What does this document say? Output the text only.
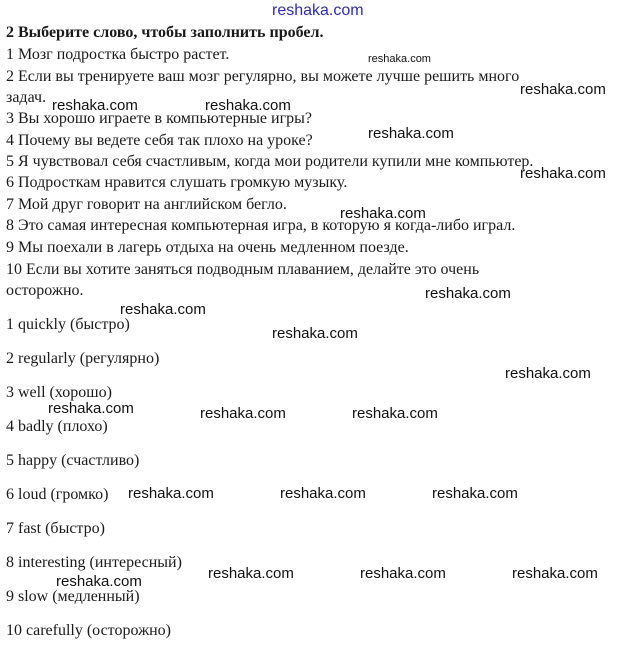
reshaka.com
2 Выберите слово, чтобы заполнить пробел.
1 Мозг подростка быстро растет.
2 Если вы тренируете ваш мозг регулярно, вы можете лучше решить много
задач.
3 Вы хорошо играете в компьютерные игры?
4 Почему вы ведете себя так плохо на уроке?
5 Я чувствовал себя счастливым, когда мои родители купили мне компьютер.
6 Подросткам нравится слушать громкую музыку.
7 Мой друг говорит на английском бегло.
8 Это самая интересная компьютерная игра, в которую я когда-либо играл.
9 Мы поехали в лагерь отдыха на очень медленном поезде.
10 Если вы хотите заняться подводным плаванием, делайте это очень
осторожно.
1 quickly (быстро)
2 regularly (регулярно)
3 well (хорошо)
4 badly (плохо)
5 happy (счастливо)
6 loud (громко)
7 fast (быстро)
8 interesting (интересный)
9 slow (медленный)
10 carefully (осторожно)
reshaka.com
reshaka.com
reshaka.com	reshaka.com
reshaka.com
reshaka.com
reshaka.com
reshaka.com
reshaka.com
reshaka.com
reshaka.com
reshaka.com	reshaka.com	reshaka.com
reshaka.com	reshaka.com	reshaka.com
reshaka.com	reshaka.com	reshaka.com	reshaka.com
